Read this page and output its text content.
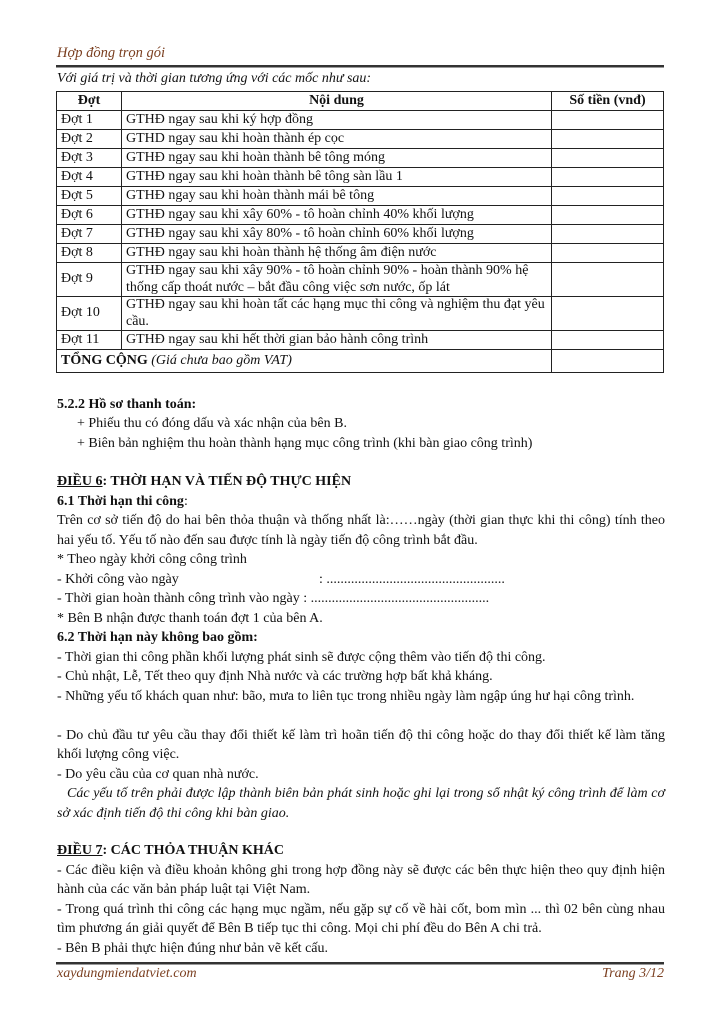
Hợp đồng trọn gói
Với giá trị và thời gian tương ứng với các mốc như sau:
Đợt	Nội dung	Số tiền (vnđ)
Đợt 1	GTHĐ ngay sau khi ký hợp đồng	
Đợt 2	GTHD ngay sau khi hoàn thành ép cọc	
Đợt 3	GTHĐ ngay sau khi hoàn thành bê tông móng	
Đợt 4	GTHĐ ngay sau khi hoàn thành bê tông sàn lầu 1	
Đợt 5	GTHĐ ngay sau khi hoàn thành mái bê tông	
Đợt 6	GTHĐ ngay sau khi xây 60% - tô hoàn chỉnh 40% khối lượng	
Đợt 7	GTHĐ ngay sau khi xây 80% - tô hoàn chỉnh 60% khối lượng	
Đợt 8	GTHĐ ngay sau khi hoàn thành hệ thống âm điện nước	
Đợt 9	GTHĐ ngay sau khi xây 90% - tô hoàn chỉnh 90% - hoàn thành 90% hệ thống cấp thoát nước – bắt đầu công việc sơn nước, ốp lát	
Đợt 10	GTHĐ ngay sau khi hoàn tất các hạng mục thi công và nghiệm thu đạt yêu cầu.	
Đợt 11	GTHĐ ngay sau khi hết thời gian bảo hành công trình	
TỔNG CỘNG (Giá chưa bao gồm VAT)		
5.2.2 Hồ sơ thanh toán:
+ Phiếu thu có đóng dấu và xác nhận của bên B.
+ Biên bản nghiệm thu hoàn thành hạng mục công trình (khi bàn giao công trình)
ĐIỀU 6: THỜI HẠN VÀ TIẾN ĐỘ THỰC HIỆN
6.1 Thời hạn thi công:
Trên cơ sở tiến độ do hai bên thỏa thuận và thống nhất là:……ngày (thời gian thực khi thi công) tính theo hai yếu tố. Yếu tố nào đến sau được tính là ngày tiến độ công trình bắt đầu.
* Theo ngày khởi công công trình
- Khởi công vào ngày	: ...................................................
- Thời gian hoàn thành công trình vào ngày : ...................................................
* Bên B nhận được thanh toán đợt 1 của bên A.
6.2 Thời hạn này không bao gồm:
- Thời gian thi công phần khối lượng phát sinh sẽ được cộng thêm vào tiến độ thi công.
- Chủ nhật, Lễ, Tết theo quy định Nhà nước và các trường hợp bất khả kháng.
- Những yếu tố khách quan như: bão, mưa to liên tục trong nhiều ngày làm ngập úng hư hại công trình.
- Do chủ đầu tư yêu cầu thay đổi thiết kế làm trì hoãn tiến độ thi công hoặc do thay đổi thiết kế làm tăng khối lượng công việc.
- Do yêu cầu của cơ quan nhà nước.
Các yếu tố trên phải được lập thành biên bản phát sinh hoặc ghi lại trong sổ nhật ký công trình để làm cơ sở xác định tiến độ thi công khi bàn giao.
ĐIỀU 7: CÁC THỎA THUẬN KHÁC
- Các điều kiện và điều khoản không ghi trong hợp đồng này sẽ được các bên thực hiện theo quy định hiện hành của các văn bản pháp luật tại Việt Nam.
- Trong quá trình thi công các hạng mục ngầm, nếu gặp sự cố về hài cốt, bom mìn ... thì 02 bên cùng nhau tìm phương án giải quyết để Bên B tiếp tục thi công. Mọi chi phí đều do Bên A chi trả.
- Bên B phải thực hiện đúng như bản vẽ kết cấu.
xaydungmiendatviet.com	Trang 3/12
